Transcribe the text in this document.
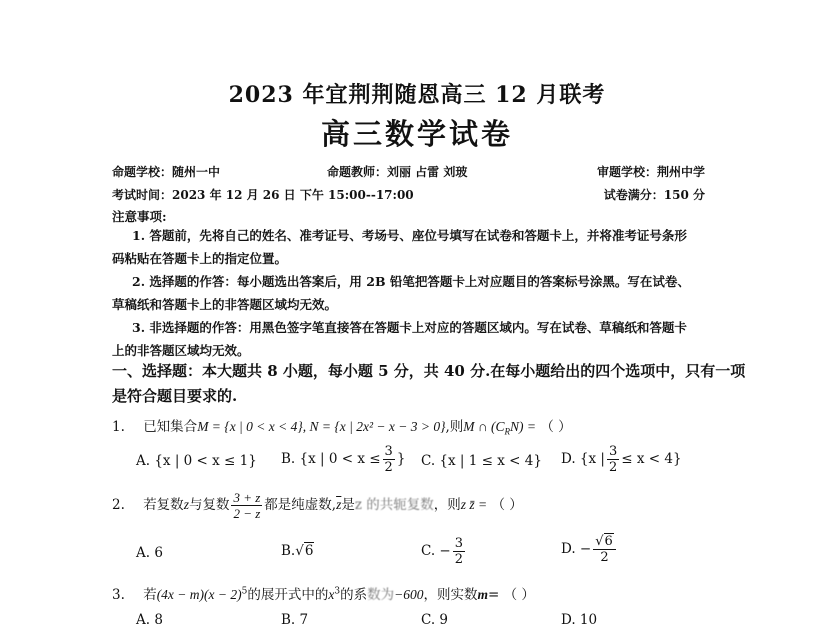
2023 年宜荆荆随恩高三 12 月联考
高三数学试卷
命题学校：随州一中	命题教师：刘丽 占雷 刘玻	审题学校：荆州中学
考试时间：2023 年 12 月 26 日 下午 15:00--17:00	试卷满分：150 分
注意事项:
1. 答题前，先将自己的姓名、准考证号、考场号、座位号填写在试卷和答题卡上，并将准考证号条形
码粘贴在答题卡上的指定位置。
2. 选择题的作答：每小题选出答案后，用 2B 铅笔把答题卡上对应题目的答案标号涂黑。写在试卷、
草稿纸和答题卡上的非答题区域均无效。
3. 非选择题的作答：用黑色签字笔直接答在答题卡上对应的答题区域内。写在试卷、草稿纸和答题卡
上的非答题区域均无效。
一、选择题：本大题共 8 小题，每小题 5 分，共 40 分.在每小题给出的四个选项中，只有一项
是符合题目要求的.
1. 已知集合M = {x | 0 < x < 4}, N = {x | 2x² − x − 3 > 0},则M ∩ $(C_RN)$ = （ ）
A. {x | 0 < x ≤ 1} B. {x | $0 < x \le \frac{3}{2}$ } C. {x | 1 ≤ x < 4} D. {x | $\frac{3}{2} \le x < 4$}
2. 若复数z与复数 $\frac{3 + z}{2 - z}$ 都是纯虚数$,\overline{z}$是z 的共轭复数，则z z̄ = （ ）
A. 6	B.√6	C. − $\frac{3}{2}$	D. − $\frac{√6}{2}$
3. 若$(4x - m)(x - 2)^5$的展开式中的$x^3$的系数为−600，则实数m= （ ）
A. 8	B. 7	C. 9	D. 10
